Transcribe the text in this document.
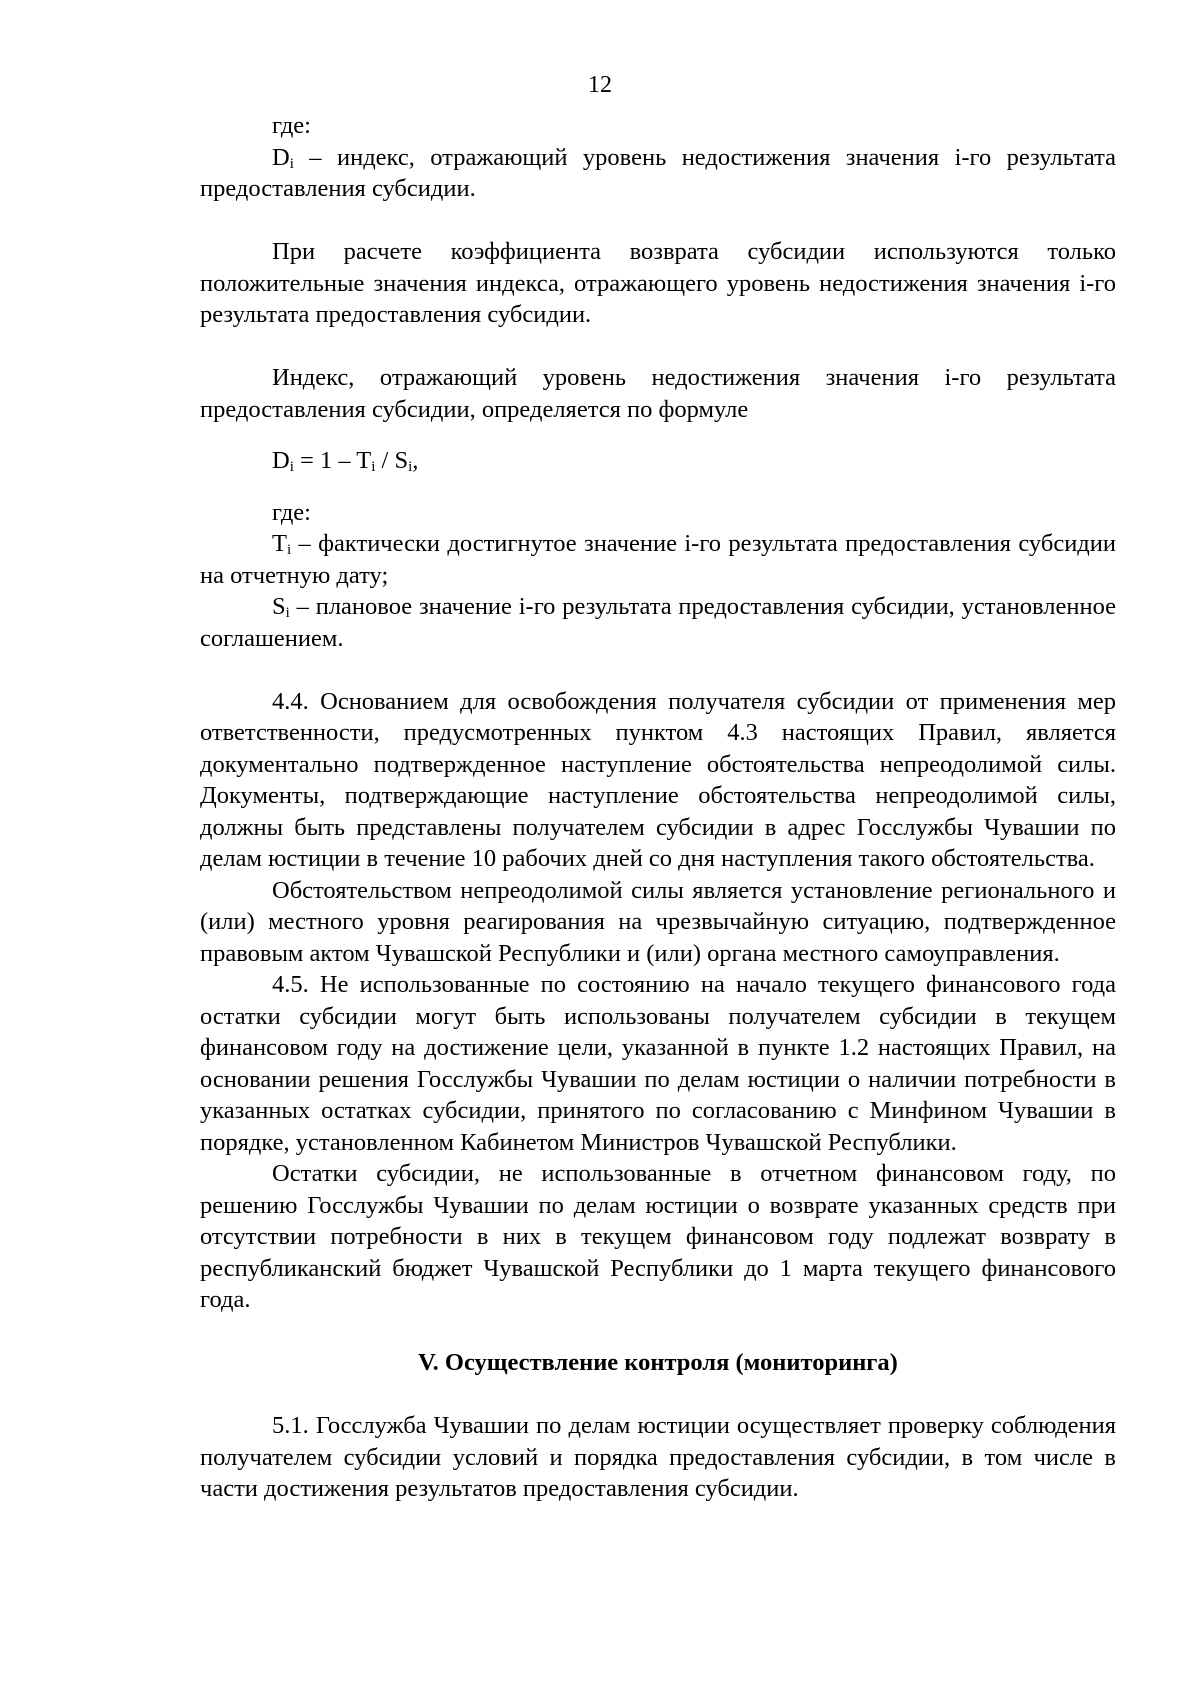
12

где:

$D_i$ – индекс, отражающий уровень недостижения значения i-го результата предоставления субсидии.

При расчете коэффициента возврата субсидии используются только положительные значения индекса, отражающего уровень недостижения значения i-го результата предоставления субсидии.

Индекс, отражающий уровень недостижения значения i-го результата предоставления субсидии, определяется по формуле

$D_i = 1 - T_i / S_i$,

где:

$T_i$ – фактически достигнутое значение i-го результата предоставления субсидии на отчетную дату;

$S_i$ – плановое значение i-го результата предоставления субсидии, установленное соглашением.

4.4. Основанием для освобождения получателя субсидии от применения мер ответственности, предусмотренных пунктом 4.3 настоящих Правил, является документально подтвержденное наступление обстоятельства непреодолимой силы. Документы, подтверждающие наступление обстоятельства непреодолимой силы, должны быть представлены получателем субсидии в адрес Госслужбы Чувашии по делам юстиции в течение 10 рабочих дней со дня наступления такого обстоятельства.

Обстоятельством непреодолимой силы является установление регионального и (или) местного уровня реагирования на чрезвычайную ситуацию, подтвержденное правовым актом Чувашской Республики и (или) органа местного самоуправления.

4.5. Не использованные по состоянию на начало текущего финансового года остатки субсидии могут быть использованы получателем субсидии в текущем финансовом году на достижение цели, указанной в пункте 1.2 настоящих Правил, на основании решения Госслужбы Чувашии по делам юстиции о наличии потребности в указанных остатках субсидии, принятого по согласованию с Минфином Чувашии в порядке, установленном Кабинетом Министров Чувашской Республики.

Остатки субсидии, не использованные в отчетном финансовом году, по решению Госслужбы Чувашии по делам юстиции о возврате указанных средств при отсутствии потребности в них в текущем финансовом году подлежат возврату в республиканский бюджет Чувашской Республики до 1 марта текущего финансового года.

V. Осуществление контроля (мониторинга)

5.1. Госслужба Чувашии по делам юстиции осуществляет проверку соблюдения получателем субсидии условий и порядка предоставления субсидии, в том числе в части достижения результатов предоставления субсидии.
